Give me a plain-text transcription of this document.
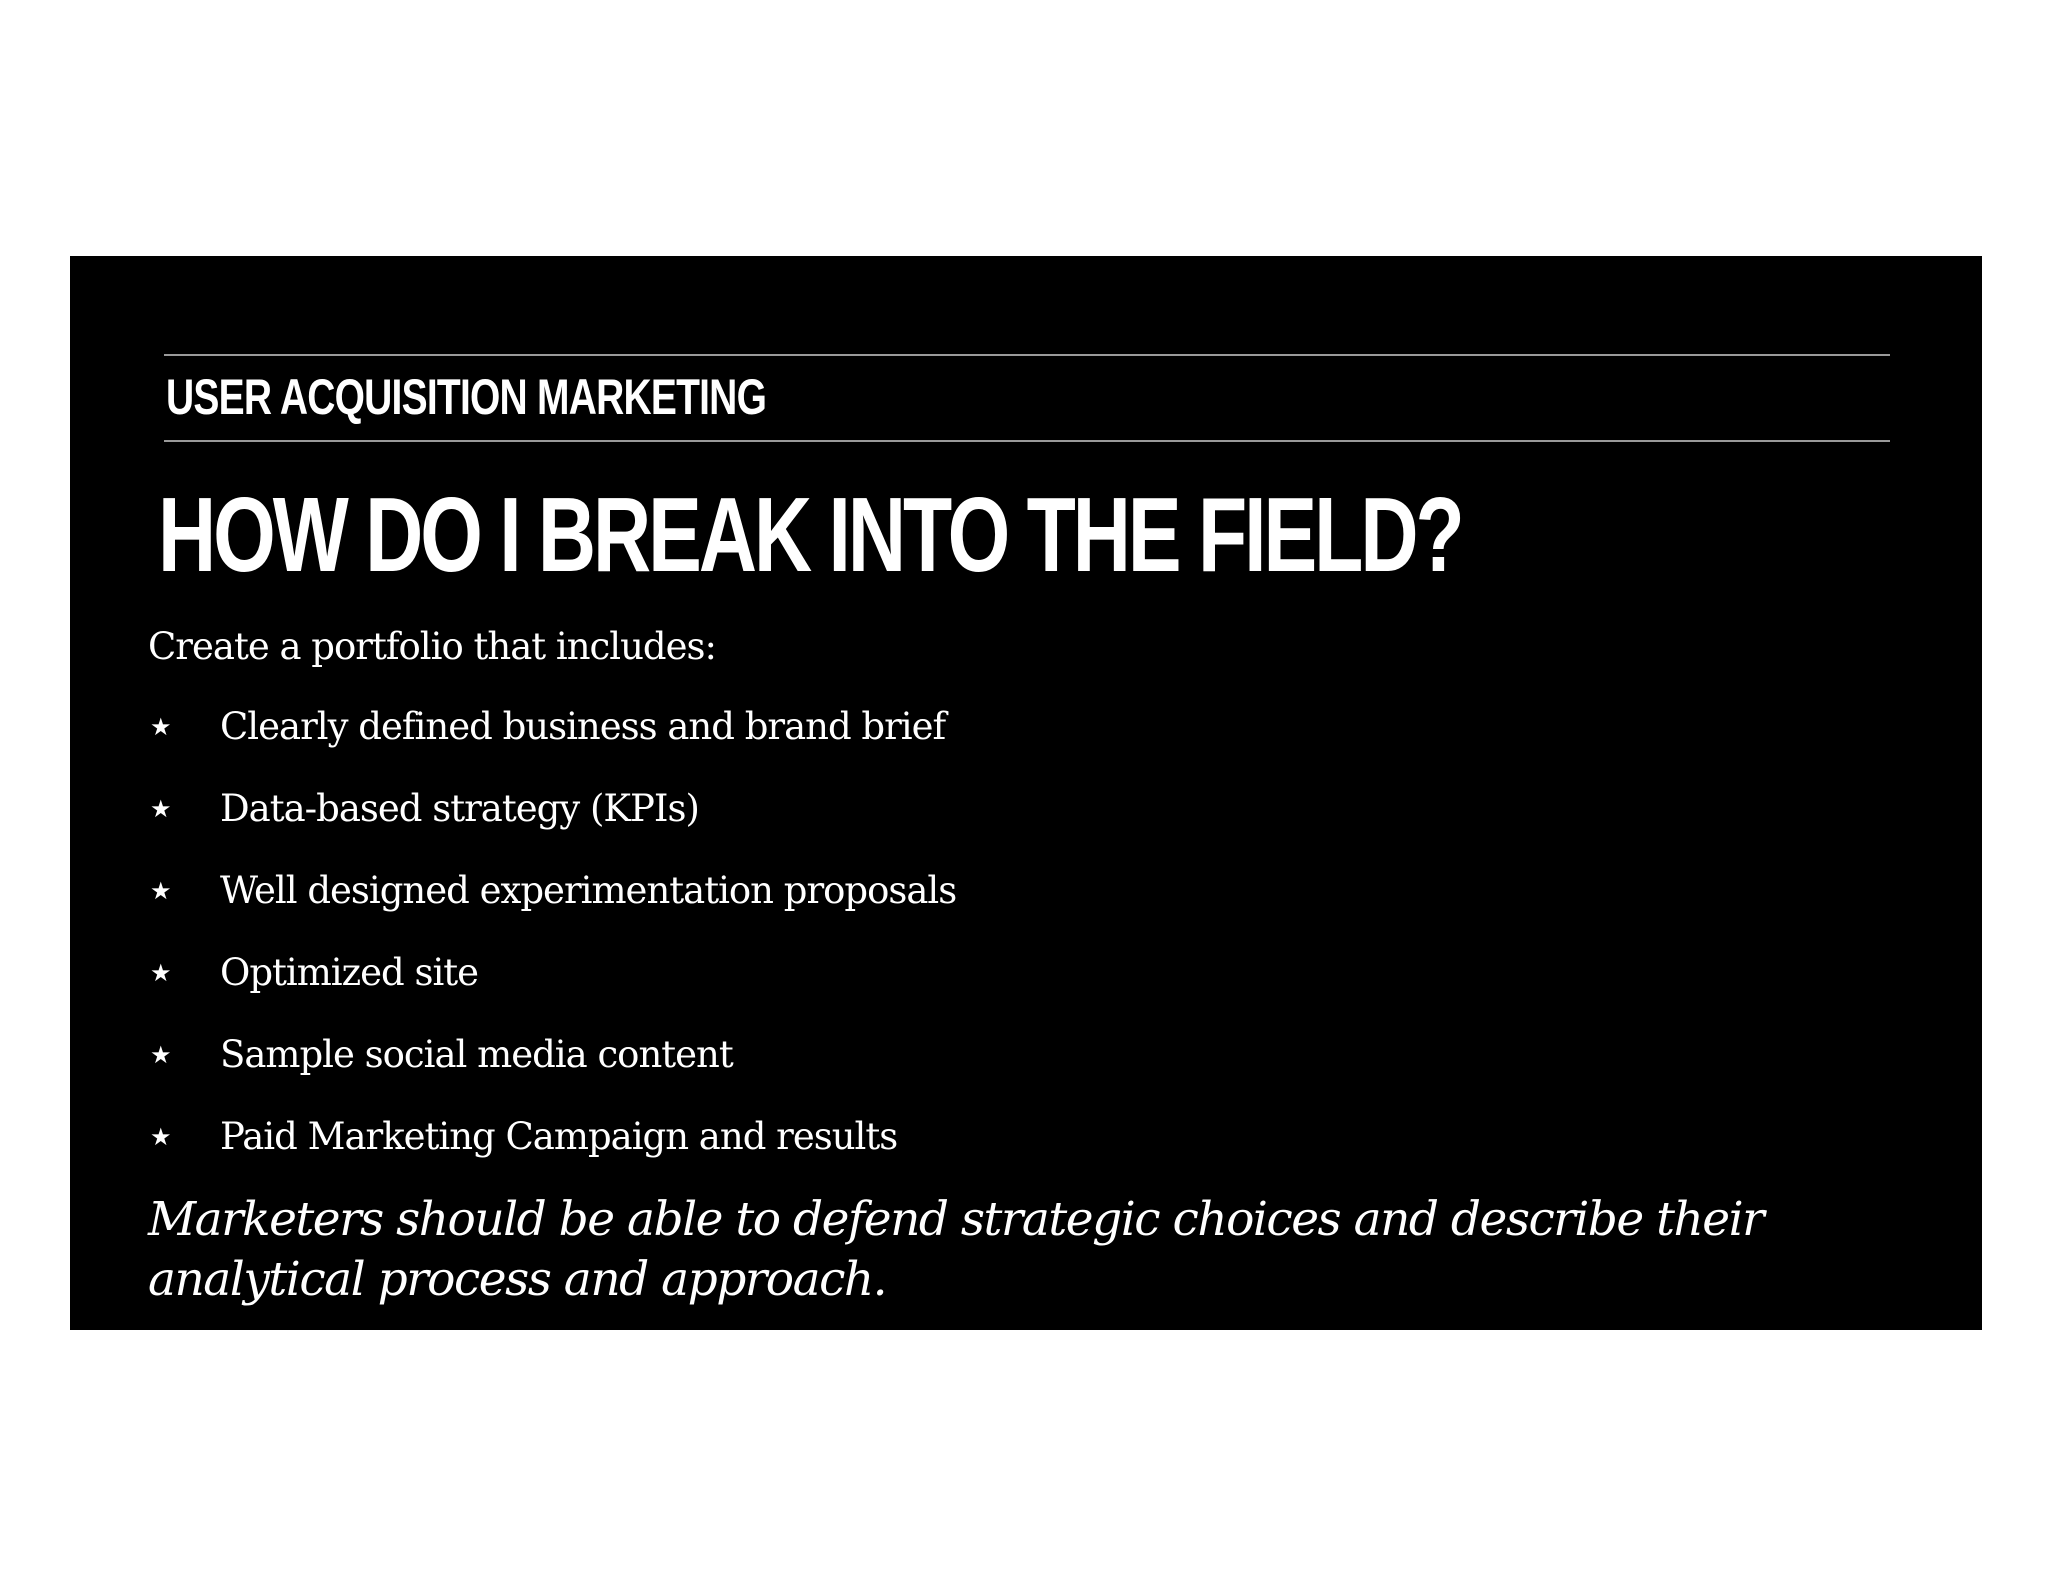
USER ACQUISITION MARKETING
HOW DO I BREAK INTO THE FIELD?
Create a portfolio that includes:
★	Clearly defined business and brand brief
★	Data-based strategy (KPIs)
★	Well designed experimentation proposals
★	Optimized site
★	Sample social media content
★	Paid Marketing Campaign and results
Marketers should be able to defend strategic choices and describe their analytical process and approach.
